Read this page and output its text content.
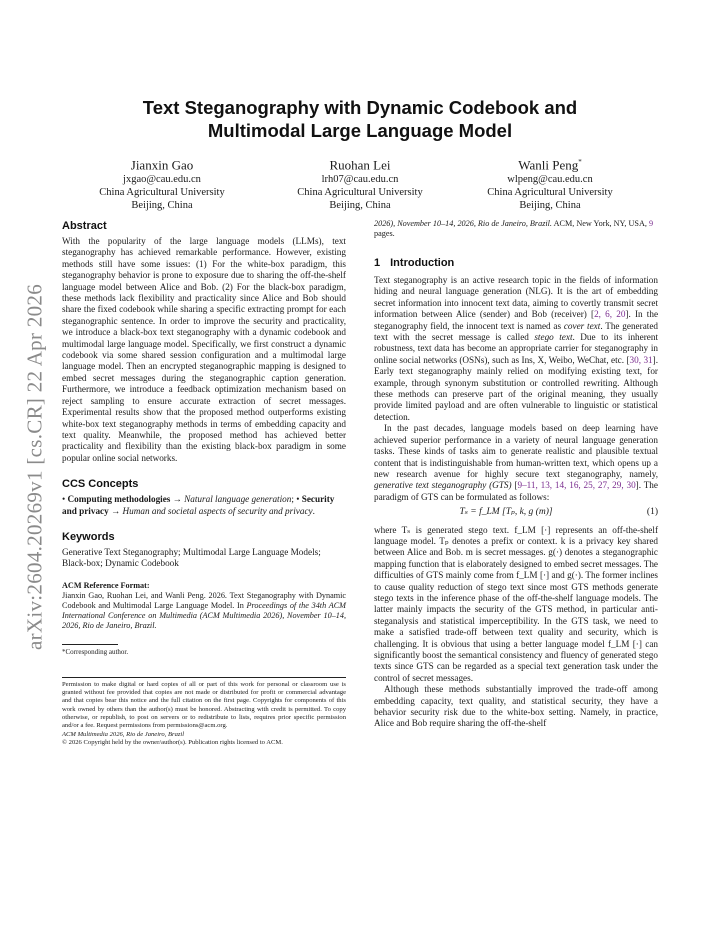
arXiv:2604.20269v1 [cs.CR] 22 Apr 2026
Text Steganography with Dynamic Codebook and
Multimodal Large Language Model
Jianxin Gao
jxgao@cau.edu.cn
China Agricultural University
Beijing, China
Ruohan Lei
lrh07@cau.edu.cn
China Agricultural University
Beijing, China
Wanli Peng*
wlpeng@cau.edu.cn
China Agricultural University
Beijing, China
Abstract

With the popularity of the large language models (LLMs), text steganography has achieved remarkable performance. However, existing methods still have some issues: (1) For the white-box paradigm, this steganography behavior is prone to exposure due to sharing the off-the-shelf language model between Alice and Bob. (2) For the black-box paradigm, these methods lack flexibility and practicality since Alice and Bob should share the fixed codebook while sharing a specific extracting prompt for each steganographic sentence. In order to improve the security and practicality, we introduce a black-box text steganography with a dynamic codebook and multimodal large language model. Specifically, we first construct a dynamic codebook via some shared session configuration and a multimodal large language model. Then an encrypted steganographic mapping is designed to embed secret messages during the steganographic caption generation. Furthermore, we introduce a feedback optimization mechanism based on reject sampling to ensure accurate extraction of secret messages. Experimental results show that the proposed method outperforms existing white-box text steganography methods in terms of embedding capacity and text quality. Meanwhile, the proposed method has achieved better practicality and flexibility than the existing black-box paradigm in some popular online social networks.

CCS Concepts

• Computing methodologies → Natural language generation; • Security and privacy → Human and societal aspects of security and privacy.

Keywords

Generative Text Steganography; Multimodal Large Language Models; Black-box; Dynamic Codebook

ACM Reference Format:

Jianxin Gao, Ruohan Lei, and Wanli Peng. 2026. Text Steganography with Dynamic Codebook and Multimodal Large Language Model. In Proceedings of the 34th ACM International Conference on Multimedia (ACM Multimedia 2026), November 10–14, 2026, Rio de Janeiro, Brazil.

*Corresponding author.

Permission to make digital or hard copies of all or part of this work for personal or classroom use is granted without fee provided that copies are not made or distributed for profit or commercial advantage and that copies bear this notice and the full citation on the first page. Copyrights for components of this work owned by others than the author(s) must be honored. Abstracting with credit is permitted. To copy otherwise, or republish, to post on servers or to redistribute to lists, requires prior specific permission and/or a fee. Request permissions from permissions@acm.org.

ACM Multimedia 2026, Rio de Janeiro, Brazil

© 2026 Copyright held by the owner/author(s). Publication rights licensed to ACM.

2026), November 10–14, 2026, Rio de Janeiro, Brazil. ACM, New York, NY, USA, 9 pages.

1 Introduction

Text steganography is an active research topic in the fields of information hiding and neural language generation (NLG). It is the art of embedding secret information into innocent text data, aiming to covertly transmit secret information between Alice (sender) and Bob (receiver) [2, 6, 20]. In the steganography field, the innocent text is named as cover text. The generated text with the secret message is called stego text. Due to its inherent robustness, text data has become an appropriate carrier for steganography in online social networks (OSNs), such as Ins, X, Weibo, WeChat, etc. [30, 31]. Early text steganography mainly relied on modifying existing text, for example, through synonym substitution or controlled rewriting. Although these methods can preserve part of the original meaning, they usually provide limited payload and are often vulnerable to linguistic or statistical detection.

In the past decades, language models based on deep learning have achieved superior performance in a variety of neural language generation tasks. These kinds of tasks aim to generate realistic and plausible textual content that is indistinguishable from human-written text, which opens up a new research avenue for highly secure text steganography, namely, generative text steganography (GTS) [9–11, 13, 14, 16, 25, 27, 29, 30]. The paradigm of GTS can be formulated as follows:

Tₛ = f_LM [Tₚ, k, g (m)]	(1)

where Tₛ is generated stego text. f_LM [·] represents an off-the-shelf language model. Tₚ denotes a prefix or context. k is a privacy key shared between Alice and Bob. m is secret messages. g(·) denotes a steganographic mapping function that is elaborately designed to embed secret messages. The difficulties of GTS mainly come from f_LM [·] and g(·). The former inclines to cause quality reduction of stego text since most GTS methods generate stego texts in the inference phase of the off-the-shelf language models. The latter mainly impacts the security of the GTS method, in particular anti-steganalysis and statistical imperceptibility. In the GTS task, we need to make a satisfied trade-off between text quality and security, which is challenging. It is obvious that using a better language model f_LM [·] can significantly boost the semantical consistency and fluency of generated stego texts since GTS can be regarded as a special text generation task under the control of secret messages.

Although these methods substantially improved the trade-off among embedding capacity, text quality, and statistical security, they have a behavior security risk due to the white-box setting. Namely, in practice, Alice and Bob require sharing the off-the-shelf
